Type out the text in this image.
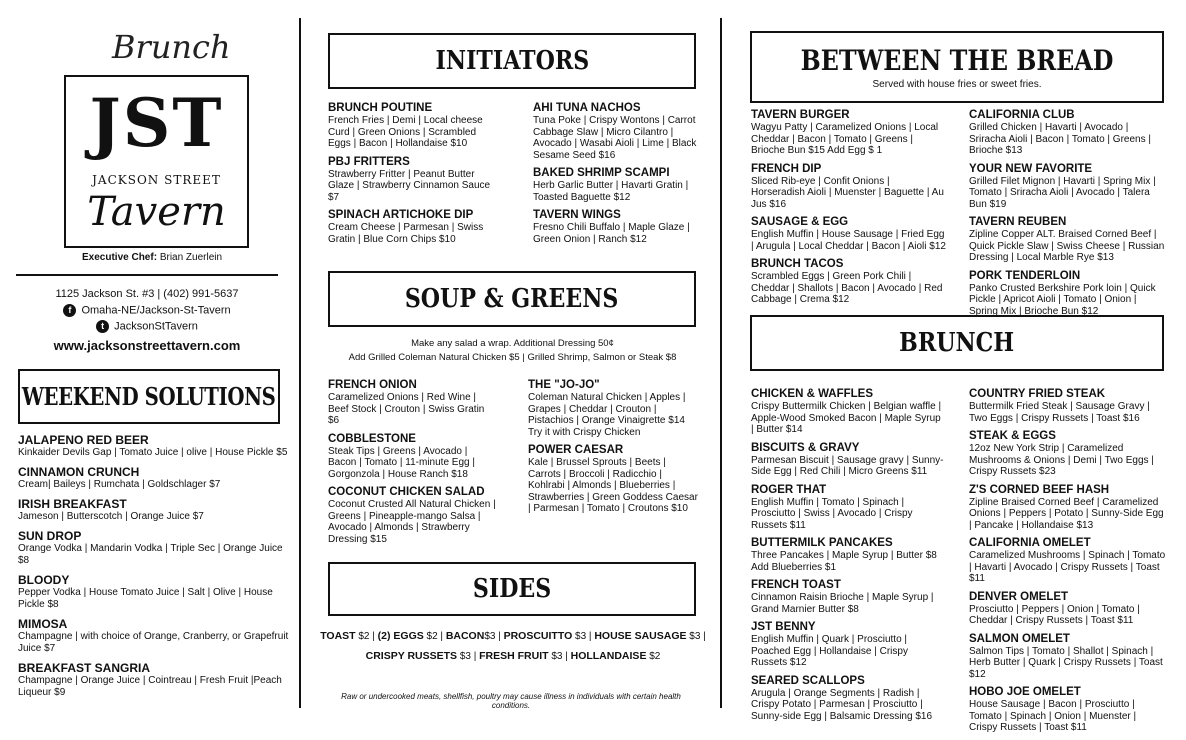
Brunch
JST
JACKSON STREET
Tavern
Executive Chef: Brian Zuerlein
1125 Jackson St. #3 | (402) 991-5637
f Omaha-NE/Jackson-St-Tavern
t JacksonStTavern
www.jacksonstreettavern.com
WEEKEND SOLUTIONS
JALAPENO RED BEER
Kinkaider Devils Gap | Tomato Juice | olive | House Pickle $5
CINNAMON CRUNCH
Cream| Baileys | Rumchata | Goldschlager $7
IRISH BREAKFAST
Jameson | Butterscotch | Orange Juice $7
SUN DROP
Orange Vodka | Mandarin Vodka | Triple Sec | Orange Juice $8
BLOODY
Pepper Vodka | House Tomato Juice | Salt | Olive | House Pickle $8
MIMOSA
Champagne | with choice of Orange, Cranberry, or Grapefruit Juice $7
BREAKFAST SANGRIA
Champagne | Orange Juice | Cointreau | Fresh Fruit |Peach Liqueur $9
INITIATORS
BRUNCH POUTINE
French Fries | Demi | Local cheese Curd | Green Onions | Scrambled Eggs | Bacon | Hollandaise $10
PBJ FRITTERS
Strawberry Fritter | Peanut Butter Glaze | Strawberry Cinnamon Sauce $7
SPINACH ARTICHOKE DIP
Cream Cheese | Parmesan | Swiss Gratin | Blue Corn Chips $10
AHI TUNA NACHOS
Tuna Poke | Crispy Wontons | Carrot Cabbage Slaw | Micro Cilantro | Avocado | Wasabi Aioli | Lime | Black Sesame Seed $16
BAKED SHRIMP SCAMPI
Herb Garlic Butter | Havarti Gratin | Toasted Baguette $12
TAVERN WINGS
Fresno Chili Buffalo | Maple Glaze | Green Onion | Ranch $12
SOUP & GREENS
Make any salad a wrap. Additional Dressing 50¢
Add Grilled Coleman Natural Chicken $5 | Grilled Shrimp, Salmon or Steak $8
FRENCH ONION
Caramelized Onions | Red Wine | Beef Stock | Crouton | Swiss Gratin $6
COBBLESTONE
Steak Tips | Greens | Avocado | Bacon | Tomato | 11-minute Egg | Gorgonzola | House Ranch $18
COCONUT CHICKEN SALAD
Coconut Crusted All Natural Chicken | Greens | Pineapple-mango Salsa | Avocado | Almonds | Strawberry Dressing $15
THE "JO-JO"
Coleman Natural Chicken | Apples | Grapes | Cheddar | Crouton | Pistachios | Orange Vinaigrette $14 Try it with Crispy Chicken
POWER CAESAR
Kale | Brussel Sprouts | Beets | Carrots | Broccoli | Radicchio | Kohlrabi | Almonds | Blueberries | Strawberries | Green Goddess Caesar | Parmesan | Tomato | Croutons $10
SIDES
TOAST $2 | (2) EGGS $2 | BACON$3 | PROSCUITTO $3 | HOUSE SAUSAGE $3 |
CRISPY RUSSETS $3 | FRESH FRUIT $3 | HOLLANDAISE $2
Raw or undercooked meats, shellfish, poultry may cause illness in individuals with certain health conditions.
BETWEEN THE BREAD
Served with house fries or sweet fries.
TAVERN BURGER
Wagyu Patty | Caramelized Onions | Local Cheddar | Bacon | Tomato | Greens | Brioche Bun $15 Add Egg $ 1
FRENCH DIP
Sliced Rib-eye | Confit Onions | Horseradish Aioli | Muenster | Baguette | Au Jus $16
SAUSAGE & EGG
English Muffin | House Sausage | Fried Egg | Arugula | Local Cheddar | Bacon | Aioli $12
BRUNCH TACOS
Scrambled Eggs | Green Pork Chili | Cheddar | Shallots | Bacon | Avocado | Red Cabbage | Crema $12
CALIFORNIA CLUB
Grilled Chicken | Havarti | Avocado | Sriracha Aioli | Bacon | Tomato | Greens | Brioche $13
YOUR NEW FAVORITE
Grilled Filet Mignon | Havarti | Spring Mix | Tomato | Sriracha Aioli | Avocado | Talera Bun $19
TAVERN REUBEN
Zipline Copper ALT. Braised Corned Beef | Quick Pickle Slaw | Swiss Cheese | Russian Dressing | Local Marble Rye $13
PORK TENDERLOIN
Panko Crusted Berkshire Pork loin | Quick Pickle | Apricot Aioli | Tomato | Onion | Spring Mix | Brioche Bun $12
BRUNCH
CHICKEN & WAFFLES
Crispy Buttermilk Chicken | Belgian waffle | Apple-Wood Smoked Bacon | Maple Syrup | Butter $14
BISCUITS & GRAVY
Parmesan Biscuit | Sausage gravy | Sunny-Side Egg | Red Chili | Micro Greens $11
ROGER THAT
English Muffin | Tomato | Spinach | Prosciutto | Swiss | Avocado | Crispy Russets $11
BUTTERMILK PANCAKES
Three Pancakes | Maple Syrup | Butter $8 Add Blueberries $1
FRENCH TOAST
Cinnamon Raisin Brioche | Maple Syrup | Grand Marnier Butter $8
JST BENNY
English Muffin | Quark | Prosciutto | Poached Egg | Hollandaise | Crispy Russets $12
SEARED SCALLOPS
Arugula | Orange Segments | Radish | Crispy Potato | Parmesan | Prosciutto | Sunny-side Egg | Balsamic Dressing $16
COUNTRY FRIED STEAK
Buttermilk Fried Steak | Sausage Gravy | Two Eggs | Crispy Russets | Toast $16
STEAK & EGGS
12oz New York Strip | Caramelized Mushrooms & Onions | Demi | Two Eggs | Crispy Russets $23
Z'S CORNED BEEF HASH
Zipline Braised Corned Beef | Caramelized Onions | Peppers | Potato | Sunny-Side Egg | Pancake | Hollandaise $13
CALIFORNIA OMELET
Caramelized Mushrooms | Spinach | Tomato | Havarti | Avocado | Crispy Russets | Toast $11
DENVER OMELET
Prosciutto | Peppers | Onion | Tomato | Cheddar | Crispy Russets | Toast $11
SALMON OMELET
Salmon Tips | Tomato | Shallot | Spinach | Herb Butter | Quark | Crispy Russets | Toast $12
HOBO JOE OMELET
House Sausage | Bacon | Prosciutto | Tomato | Spinach | Onion | Muenster | Crispy Russets | Toast $11
